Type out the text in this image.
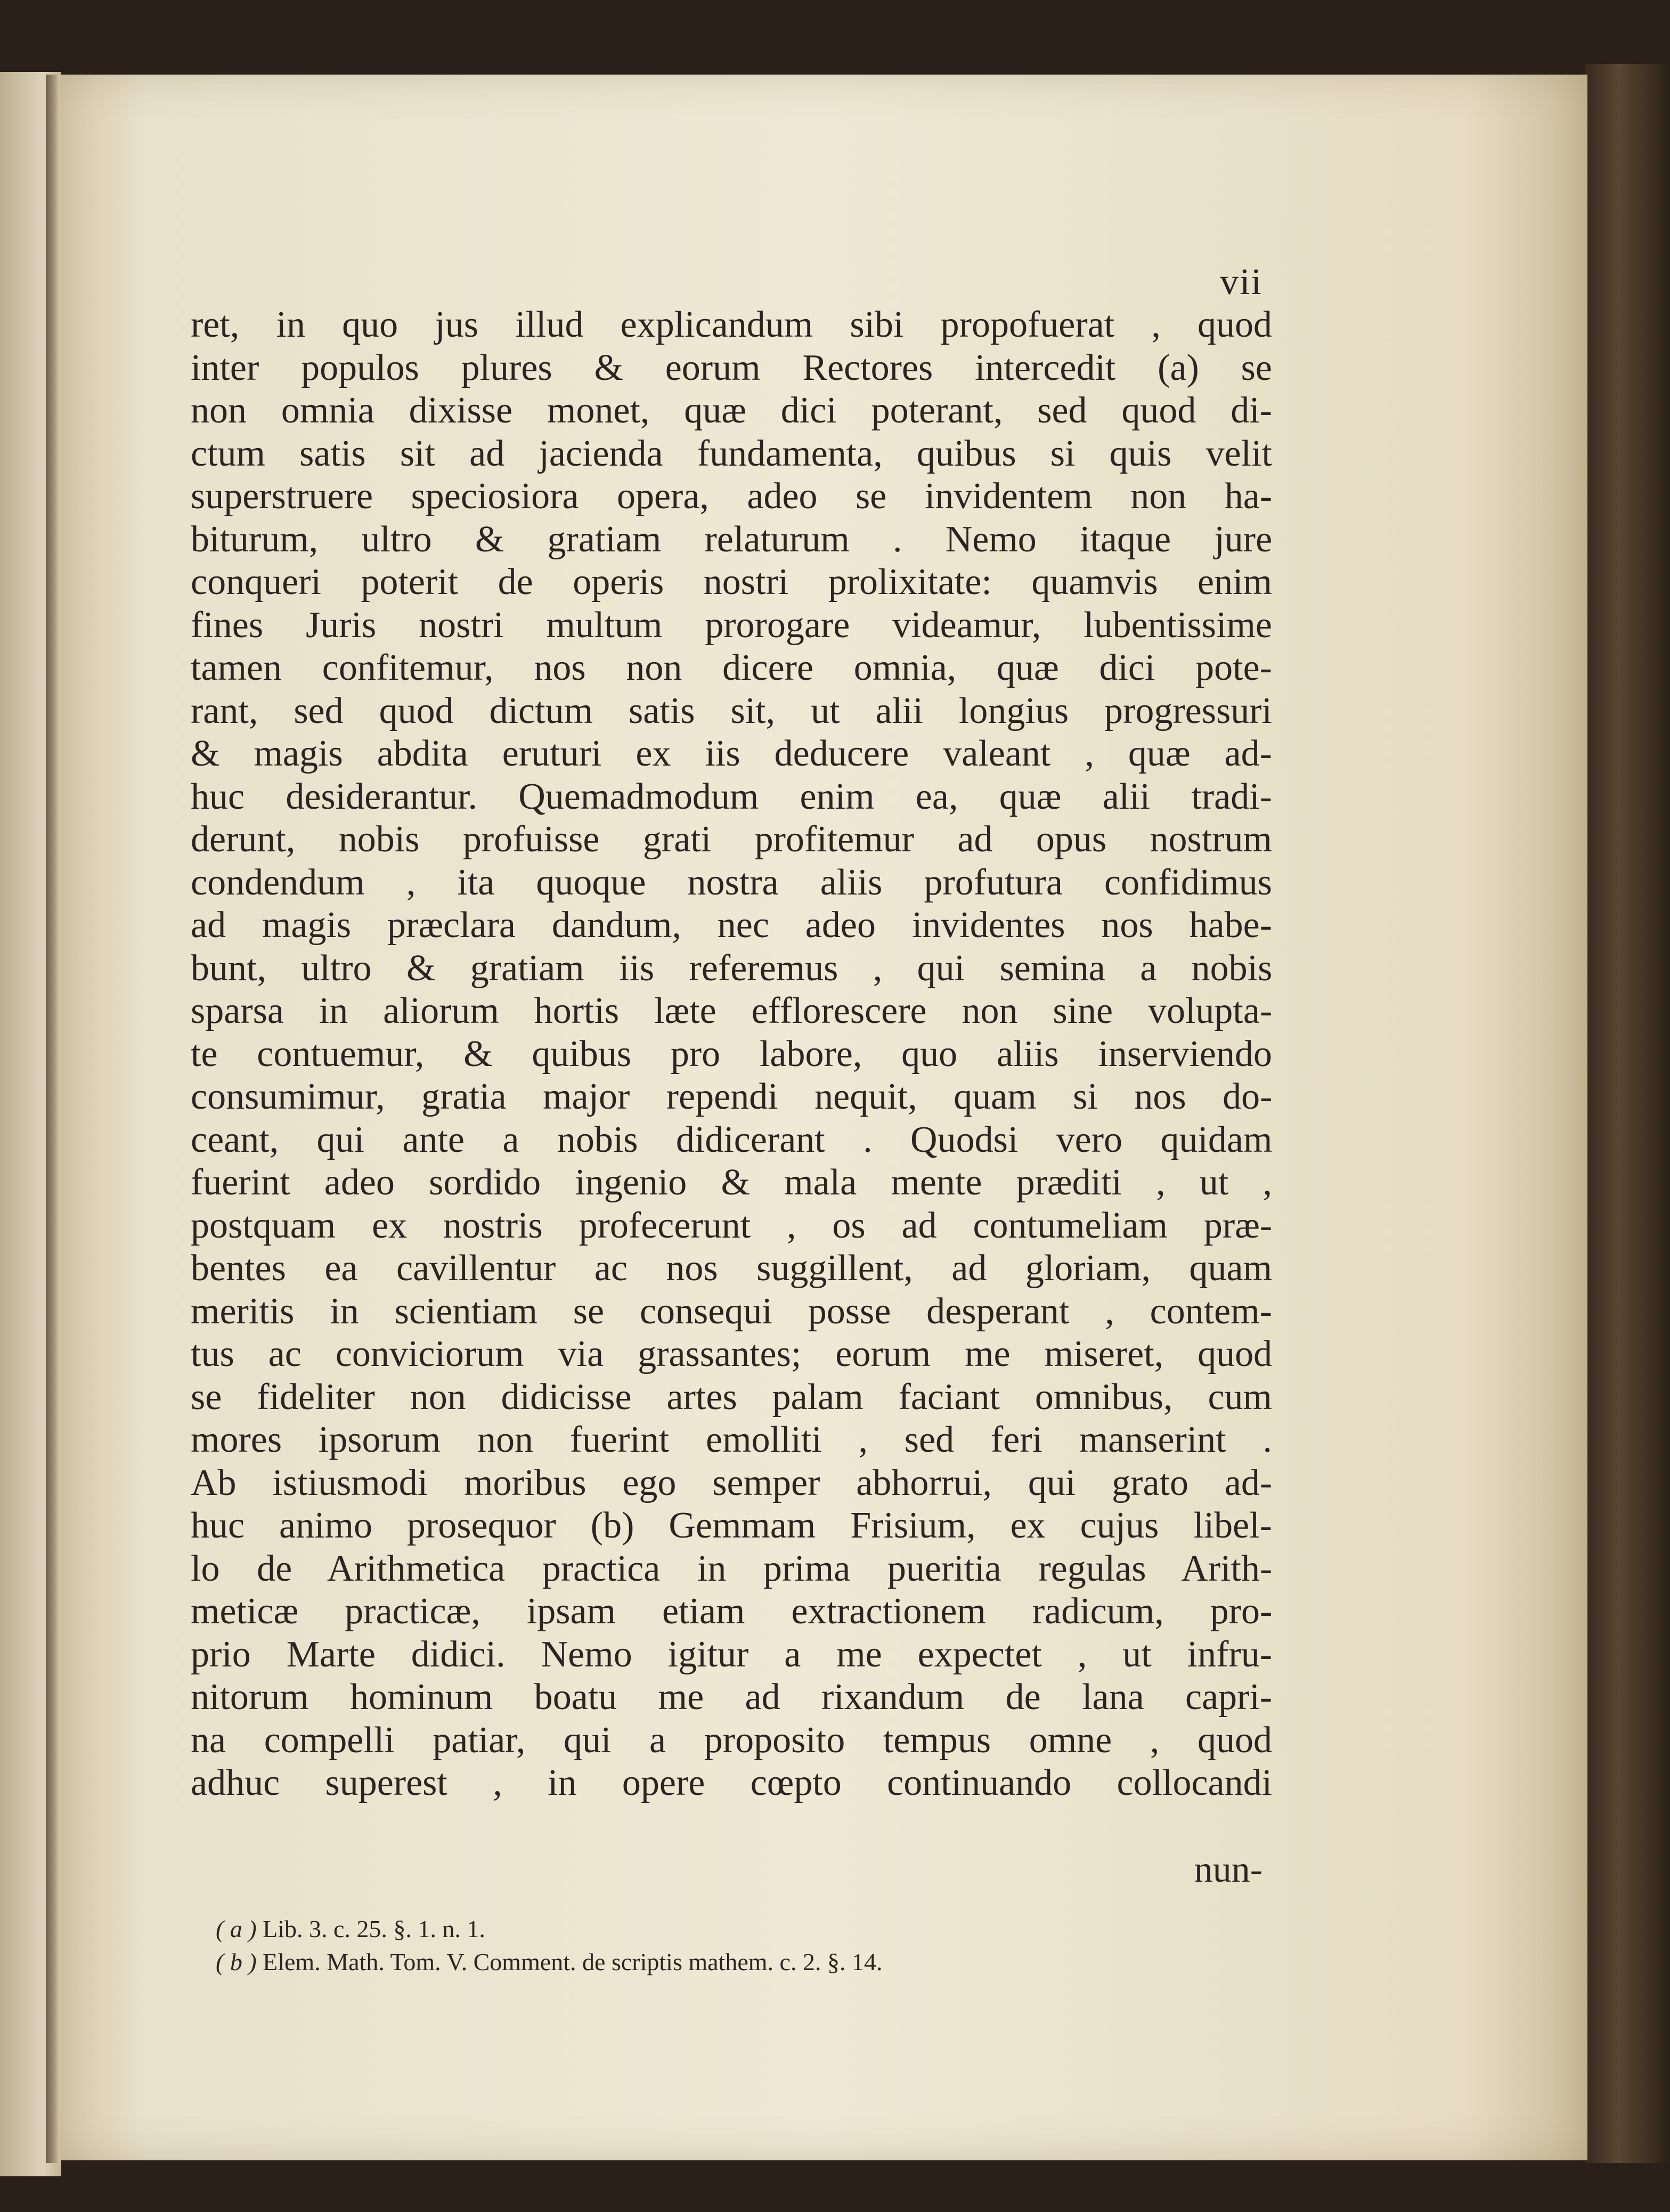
vii
ret, in quo jus illud explicandum sibi propofuerat , quod
inter populos plures & eorum Rectores intercedit (a) se
non omnia dixisse monet, quæ dici poterant, sed quod di-
ctum satis sit ad jacienda fundamenta, quibus si quis velit
superstruere speciosiora opera, adeo se invidentem non ha-
biturum, ultro & gratiam relaturum . Nemo itaque jure
conqueri poterit de operis nostri prolixitate: quamvis enim
fines Juris nostri multum prorogare videamur, lubentissime
tamen confitemur, nos non dicere omnia, quæ dici pote-
rant, sed quod dictum satis sit, ut alii longius progressuri
& magis abdita eruturi ex iis deducere valeant , quæ ad-
huc desiderantur. Quemadmodum enim ea, quæ alii tradi-
derunt, nobis profuisse grati profitemur ad opus nostrum
condendum , ita quoque nostra aliis profutura confidimus
ad magis præclara dandum, nec adeo invidentes nos habe-
bunt, ultro & gratiam iis referemus , qui semina a nobis
sparsa in aliorum hortis læte efflorescere non sine volupta-
te contuemur, & quibus pro labore, quo aliis inserviendo
consumimur, gratia major rependi nequit, quam si nos do-
ceant, qui ante a nobis didicerant . Quodsi vero quidam
fuerint adeo sordido ingenio & mala mente præditi , ut ,
postquam ex nostris profecerunt , os ad contumeliam præ-
bentes ea cavillentur ac nos suggillent, ad gloriam, quam
meritis in scientiam se consequi posse desperant , contem-
tus ac conviciorum via grassantes; eorum me miseret, quod
se fideliter non didicisse artes palam faciant omnibus, cum
mores ipsorum non fuerint emolliti , sed feri manserint .
Ab istiusmodi moribus ego semper abhorrui, qui grato ad-
huc animo prosequor (b) Gemmam Frisium, ex cujus libel-
lo de Arithmetica practica in prima pueritia regulas Arith-
meticæ practicæ, ipsam etiam extractionem radicum, pro-
prio Marte didici. Nemo igitur a me expectet , ut infru-
nitorum hominum boatu me ad rixandum de lana capri-
na compelli patiar, qui a proposito tempus omne , quod
adhuc superest , in opere cœpto continuando collocandi
nun-
( a ) Lib. 3. c. 25. §. 1. n. 1.
( b ) Elem. Math. Tom. V. Comment. de scriptis mathem. c. 2. §. 14.
